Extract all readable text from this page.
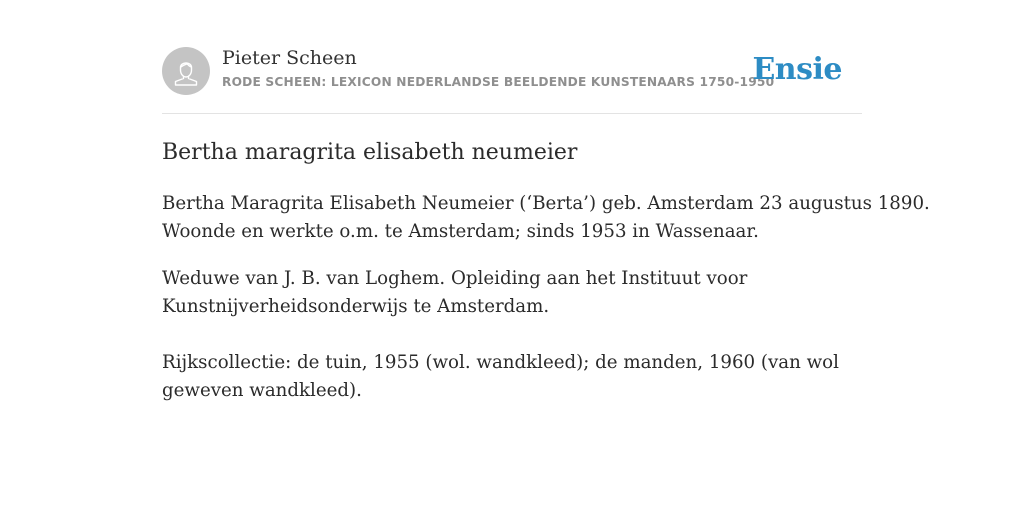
Pieter Scheen
RODE SCHEEN: LEXICON NEDERLANDSE BEELDENDE KUNSTENAARS 1750-1950
Ensie
Bertha maragrita elisabeth neumeier

Bertha Maragrita Elisabeth Neumeier (‘Berta’) geb. Amsterdam 23 augustus 1890.
Woonde en werkte o.m. te Amsterdam; sinds 1953 in Wassenaar.

Weduwe van J. B. van Loghem. Opleiding aan het Instituut voor
Kunstnijverheidsonderwijs te Amsterdam.

Rijkscollectie: de tuin, 1955 (wol. wandkleed); de manden, 1960 (van wol
geweven wandkleed).
